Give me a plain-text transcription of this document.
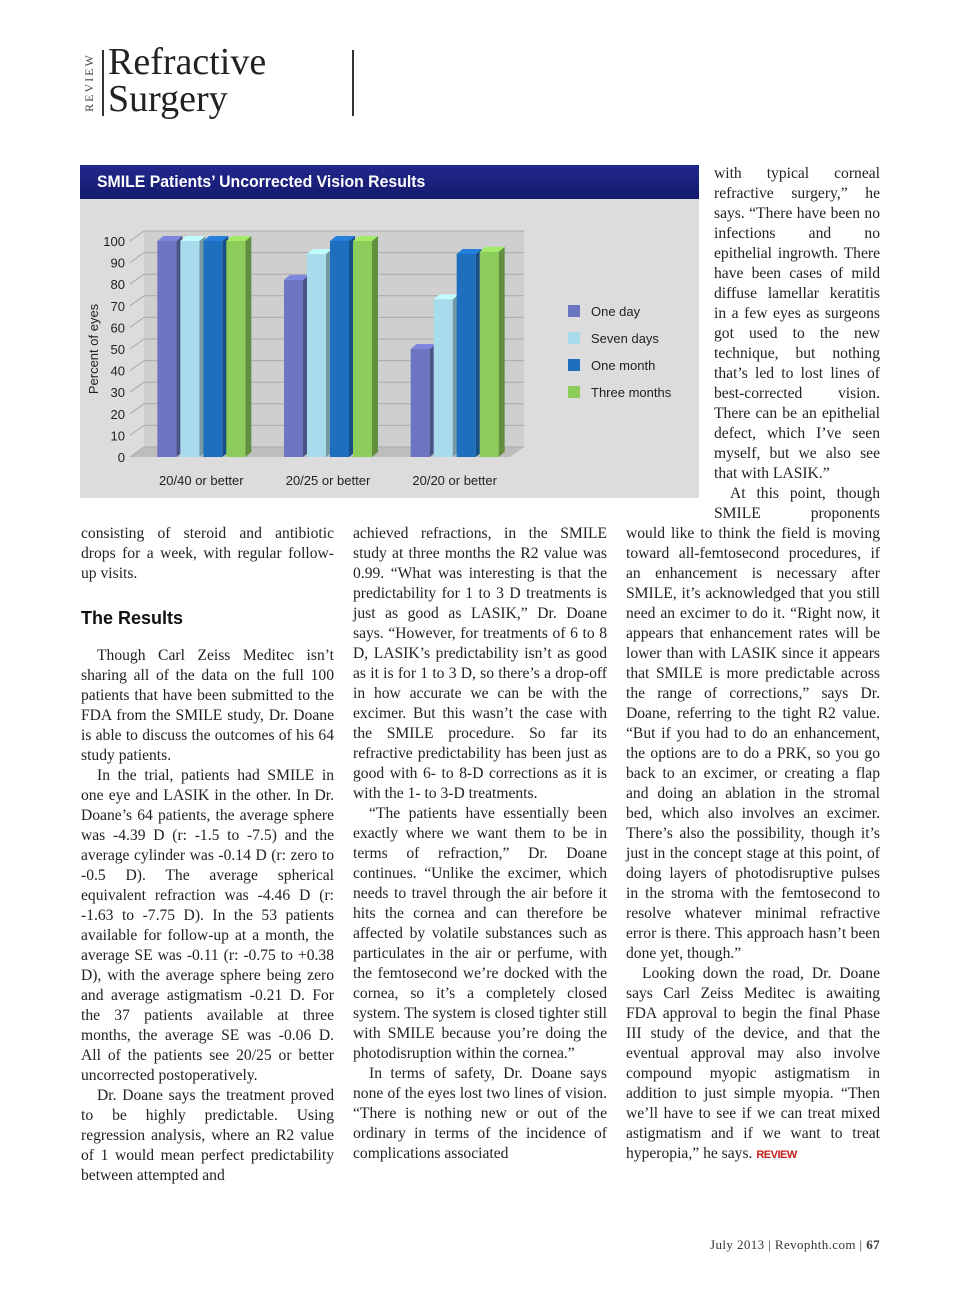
REVIEW Refractive
Surgery
SMILE Patients’ Uncorrected Vision Results
0
10
20
30
40
50
60
70
80
90
100
Percent of eyes
20/40 or better	20/25 or better	20/20 or better
One day
Seven days
One month
Three months

with typical corneal refractive surgery,” he says. “There have been no infections and no epithelial ingrowth. There have been cases of mild diffuse lamellar keratitis in a few eyes as surgeons got used to the new technique, but nothing that’s led to lost lines of best-corrected vision. There can be an epithelial defect, which I’ve seen myself, but we also see that with LASIK.”

At this point, though SMILE proponents

consisting of steroid and antibiotic drops for a week, with regular follow-up visits.

The Results

Though Carl Zeiss Meditec isn’t sharing all of the data on the full 100 patients that have been submitted to the FDA from the SMILE study, Dr. Doane is able to discuss the outcomes of his 64 study patients.

In the trial, patients had SMILE in one eye and LASIK in the other. In Dr. Doane’s 64 patients, the average sphere was -4.39 D (r: -1.5 to -7.5) and the average cylinder was -0.14 D (r: zero to -0.5 D). The average spherical equivalent refraction was -4.46 D (r: -1.63 to -7.75 D). In the 53 patients available for follow-up at a month, the average SE was -0.11 (r: -0.75 to +0.38 D), with the average sphere being zero and average astigmatism -0.21 D. For the 37 patients available at three months, the average SE was -0.06 D. All of the patients see 20/25 or better uncorrected postoperatively.

Dr. Doane says the treatment proved to be highly predictable. Using regression analysis, where an R2 value of 1 would mean perfect predictability between attempted and

achieved refractions, in the SMILE study at three months the R2 value was 0.99. “What was interesting is that the predictability for 1 to 3 D treatments is just as good as LASIK,” Dr. Doane says. “However, for treatments of 6 to 8 D, LASIK’s predictability isn’t as good as it is for 1 to 3 D, so there’s a drop-off in how accurate we can be with the excimer. But this wasn’t the case with the SMILE procedure. So far its refractive predictability has been just as good with 6- to 8-D corrections as it is with the 1- to 3-D treatments.

“The patients have essentially been exactly where we want them to be in terms of refraction,” Dr. Doane continues. “Unlike the excimer, which needs to travel through the air before it hits the cornea and can therefore be affected by volatile substances such as particulates in the air or perfume, with the femtosecond we’re docked with the cornea, so it’s a completely closed system. The system is closed tighter still with SMILE because you’re doing the photodisruption within the cornea.”

In terms of safety, Dr. Doane says none of the eyes lost two lines of vision. “There is nothing new or out of the ordinary in terms of the incidence of complications associated

would like to think the field is moving toward all-femtosecond procedures, if an enhancement is necessary after SMILE, it’s acknowledged that you still need an excimer to do it. “Right now, it appears that enhancement rates will be lower than with LASIK since it appears that SMILE is more predictable across the range of corrections,” says Dr. Doane, referring to the tight R2 value. “But if you had to do an enhancement, the options are to do a PRK, so you go back to an excimer, or creating a flap and doing an ablation in the stromal bed, which also involves an excimer. There’s also the possibility, though it’s just in the concept stage at this point, of doing layers of photodisruptive pulses in the stroma with the femtosecond to resolve whatever minimal refractive error is there. This approach hasn’t been done yet, though.”

Looking down the road, Dr. Doane says Carl Zeiss Meditec is awaiting FDA approval to begin the final Phase III study of the device, and that the eventual approval may also involve compound myopic astigmatism in addition to just simple myopia. “Then we’ll have to see if we can treat mixed astigmatism and if we want to treat hyperopia,” he says. REVIEW

July 2013 | Revophth.com | 67
